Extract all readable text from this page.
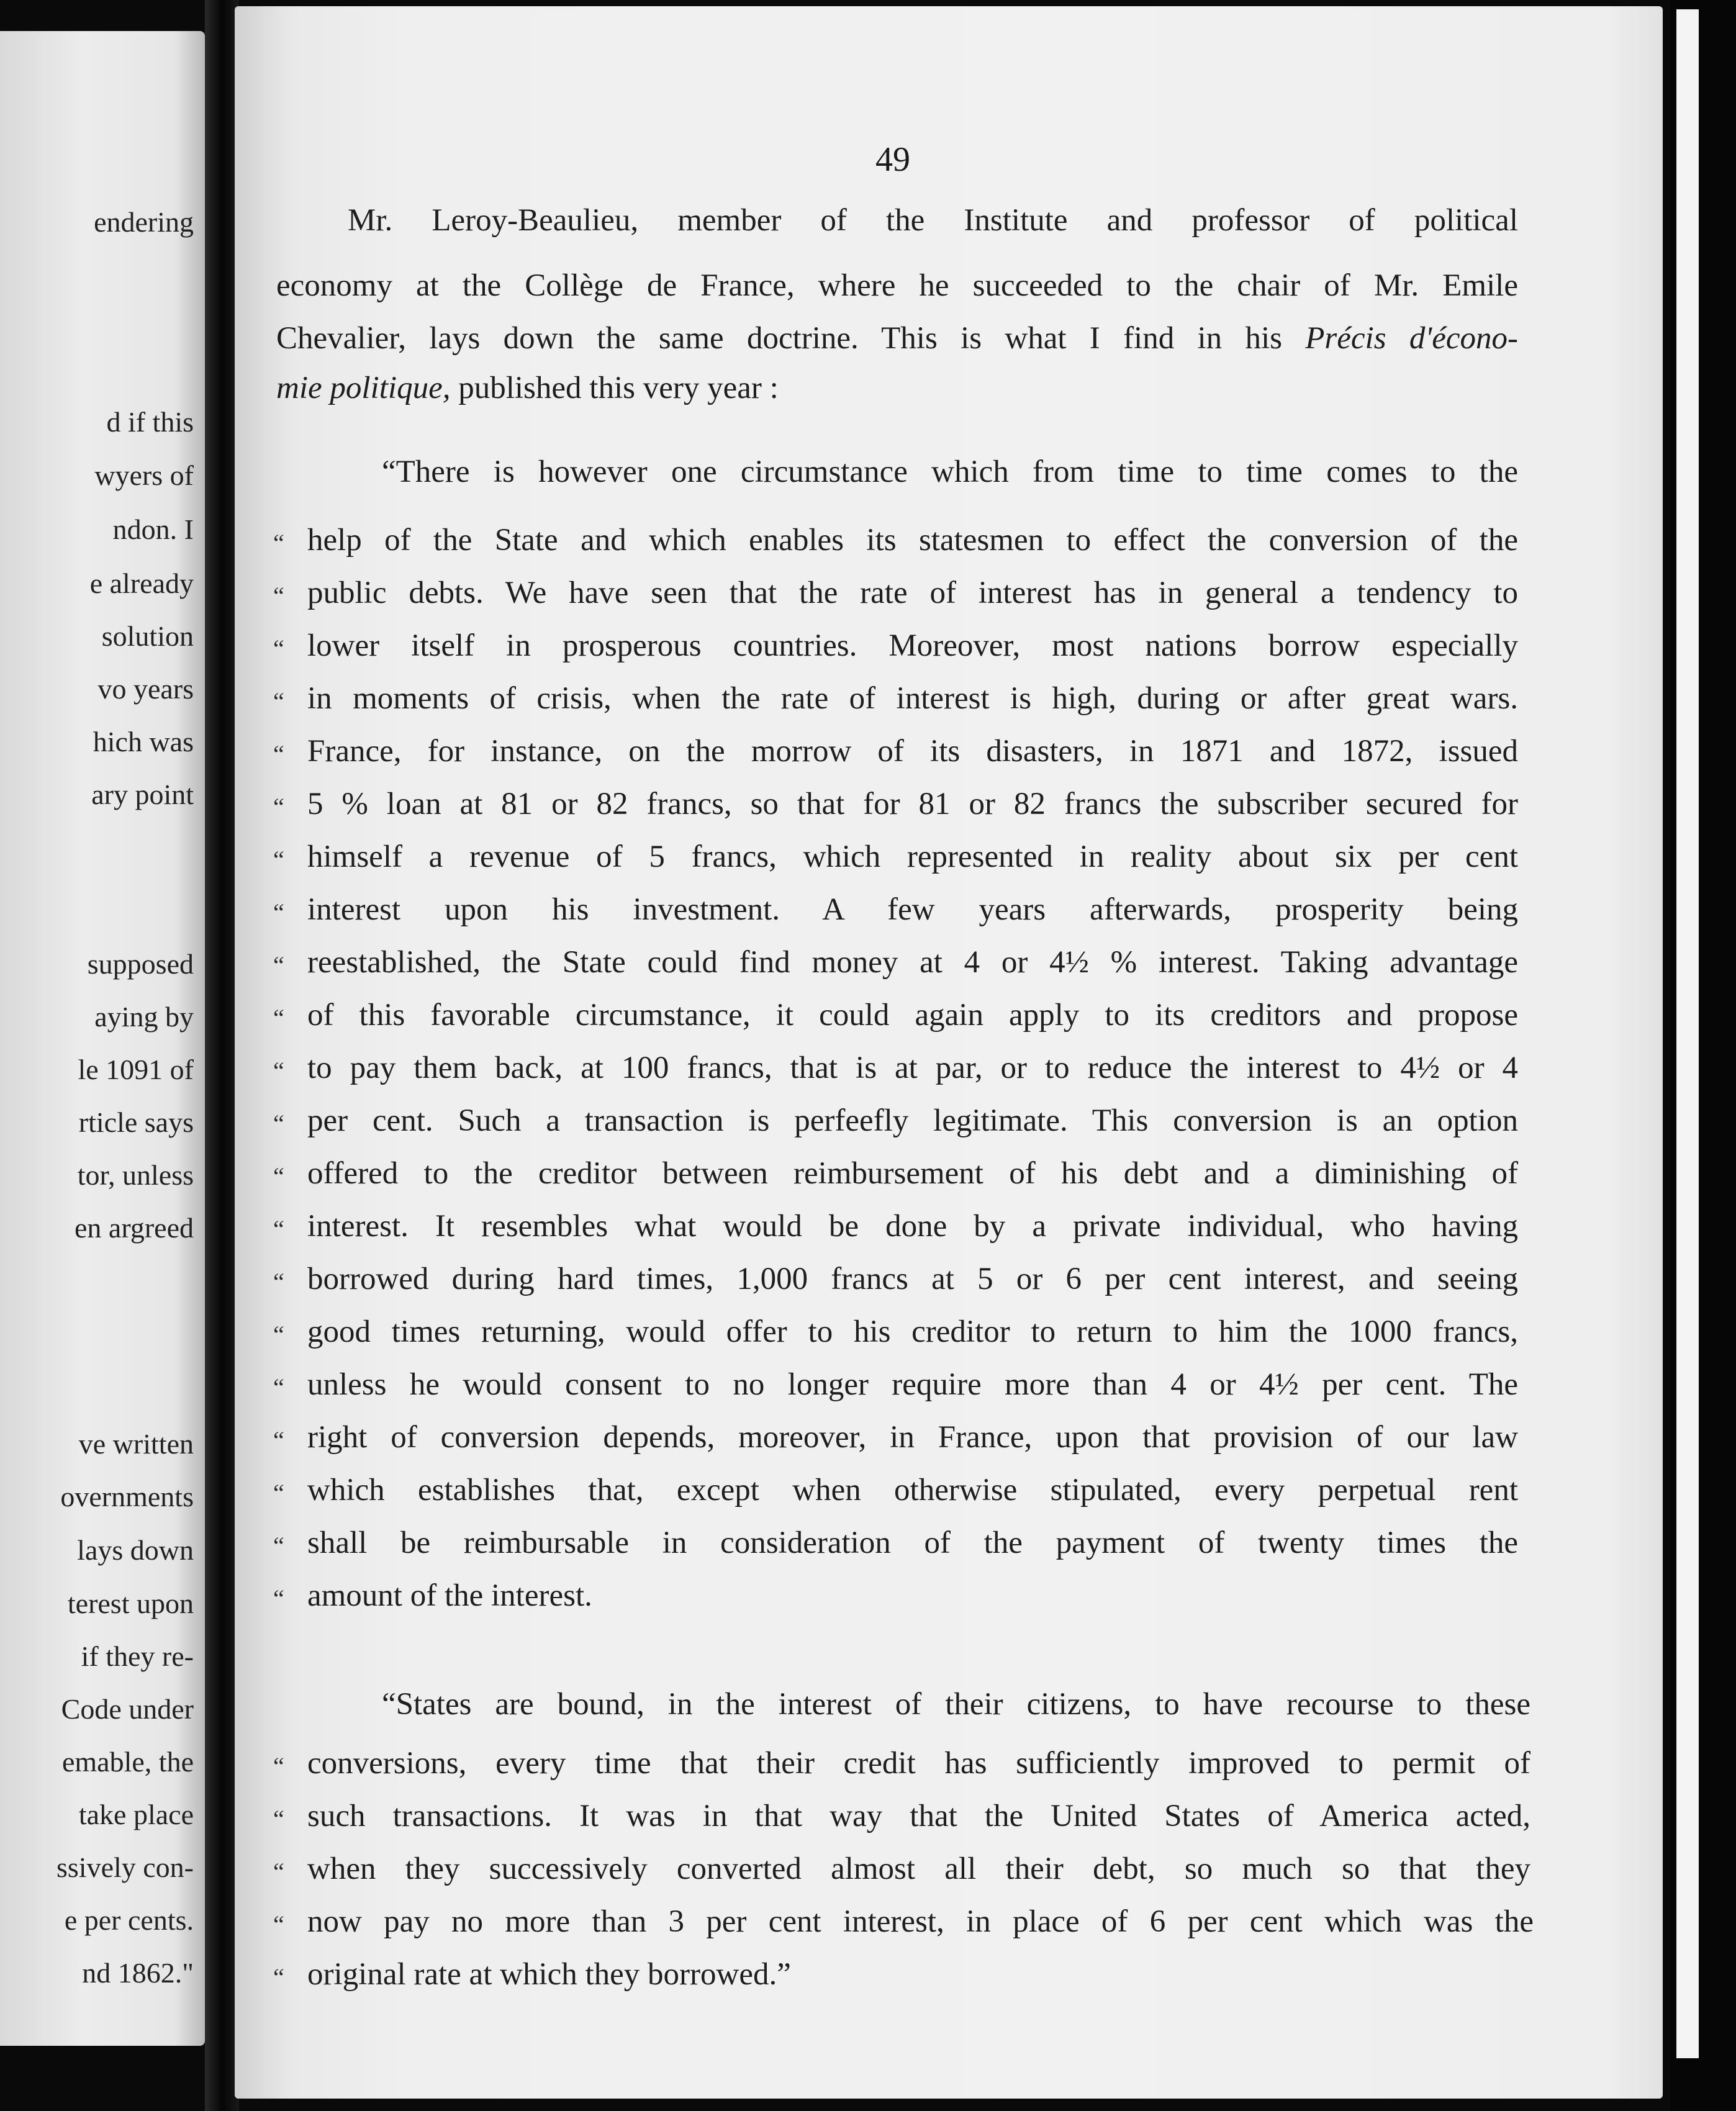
endering
d if this
wyers of
ndon. I
e already
solution
vo years
hich was
ary point
supposed
aying by
le 1091 of
rticle says
tor, unless
en argreed
ve written
overnments
lays down
terest upon
if they re-
Code under
emable, the
take place
ssively con-
e per cents.
nd 1862."
49
Mr. Leroy-Beaulieu, member of the Institute and professor of political
economy at the Collège de France, where he succeeded to the chair of Mr. Emile
Chevalier, lays down the same doctrine. This is what I find in his Précis d'écono-
mie politique, published this very year :
“There is however one circumstance which from time to time comes to the
“ help of the State and which enables its statesmen to effect the conversion of the
“ public debts. We have seen that the rate of interest has in general a tendency to
“ lower itself in prosperous countries. Moreover, most nations borrow especially
“ in moments of crisis, when the rate of interest is high, during or after great wars.
“ France, for instance, on the morrow of its disasters, in 1871 and 1872, issued
“ 5 % loan at 81 or 82 francs, so that for 81 or 82 francs the subscriber secured for
“ himself a revenue of 5 francs, which represented in reality about six per cent
“ interest upon his investment. A few years afterwards, prosperity being
“ reestablished, the State could find money at 4 or 4½ % interest. Taking advantage
“ of this favorable circumstance, it could again apply to its creditors and propose
“ to pay them back, at 100 francs, that is at par, or to reduce the interest to 4½ or 4
“ per cent. Such a transaction is perfeefly legitimate. This conversion is an option
“ offered to the creditor between reimbursement of his debt and a diminishing of
“ interest. It resembles what would be done by a private individual, who having
“ borrowed during hard times, 1,000 francs at 5 or 6 per cent interest, and seeing
“ good times returning, would offer to his creditor to return to him the 1000 francs,
“ unless he would consent to no longer require more than 4 or 4½ per cent. The
“ right of conversion depends, moreover, in France, upon that provision of our law
“ which establishes that, except when otherwise stipulated, every perpetual rent
“ shall be reimbursable in consideration of the payment of twenty times the
“ amount of the interest.
“States are bound, in the interest of their citizens, to have recourse to these
“ conversions, every time that their credit has sufficiently improved to permit of
“ such transactions. It was in that way that the United States of America acted,
“ when they successively converted almost all their debt, so much so that they
“ now pay no more than 3 per cent interest, in place of 6 per cent which was the
“ original rate at which they borrowed.”
